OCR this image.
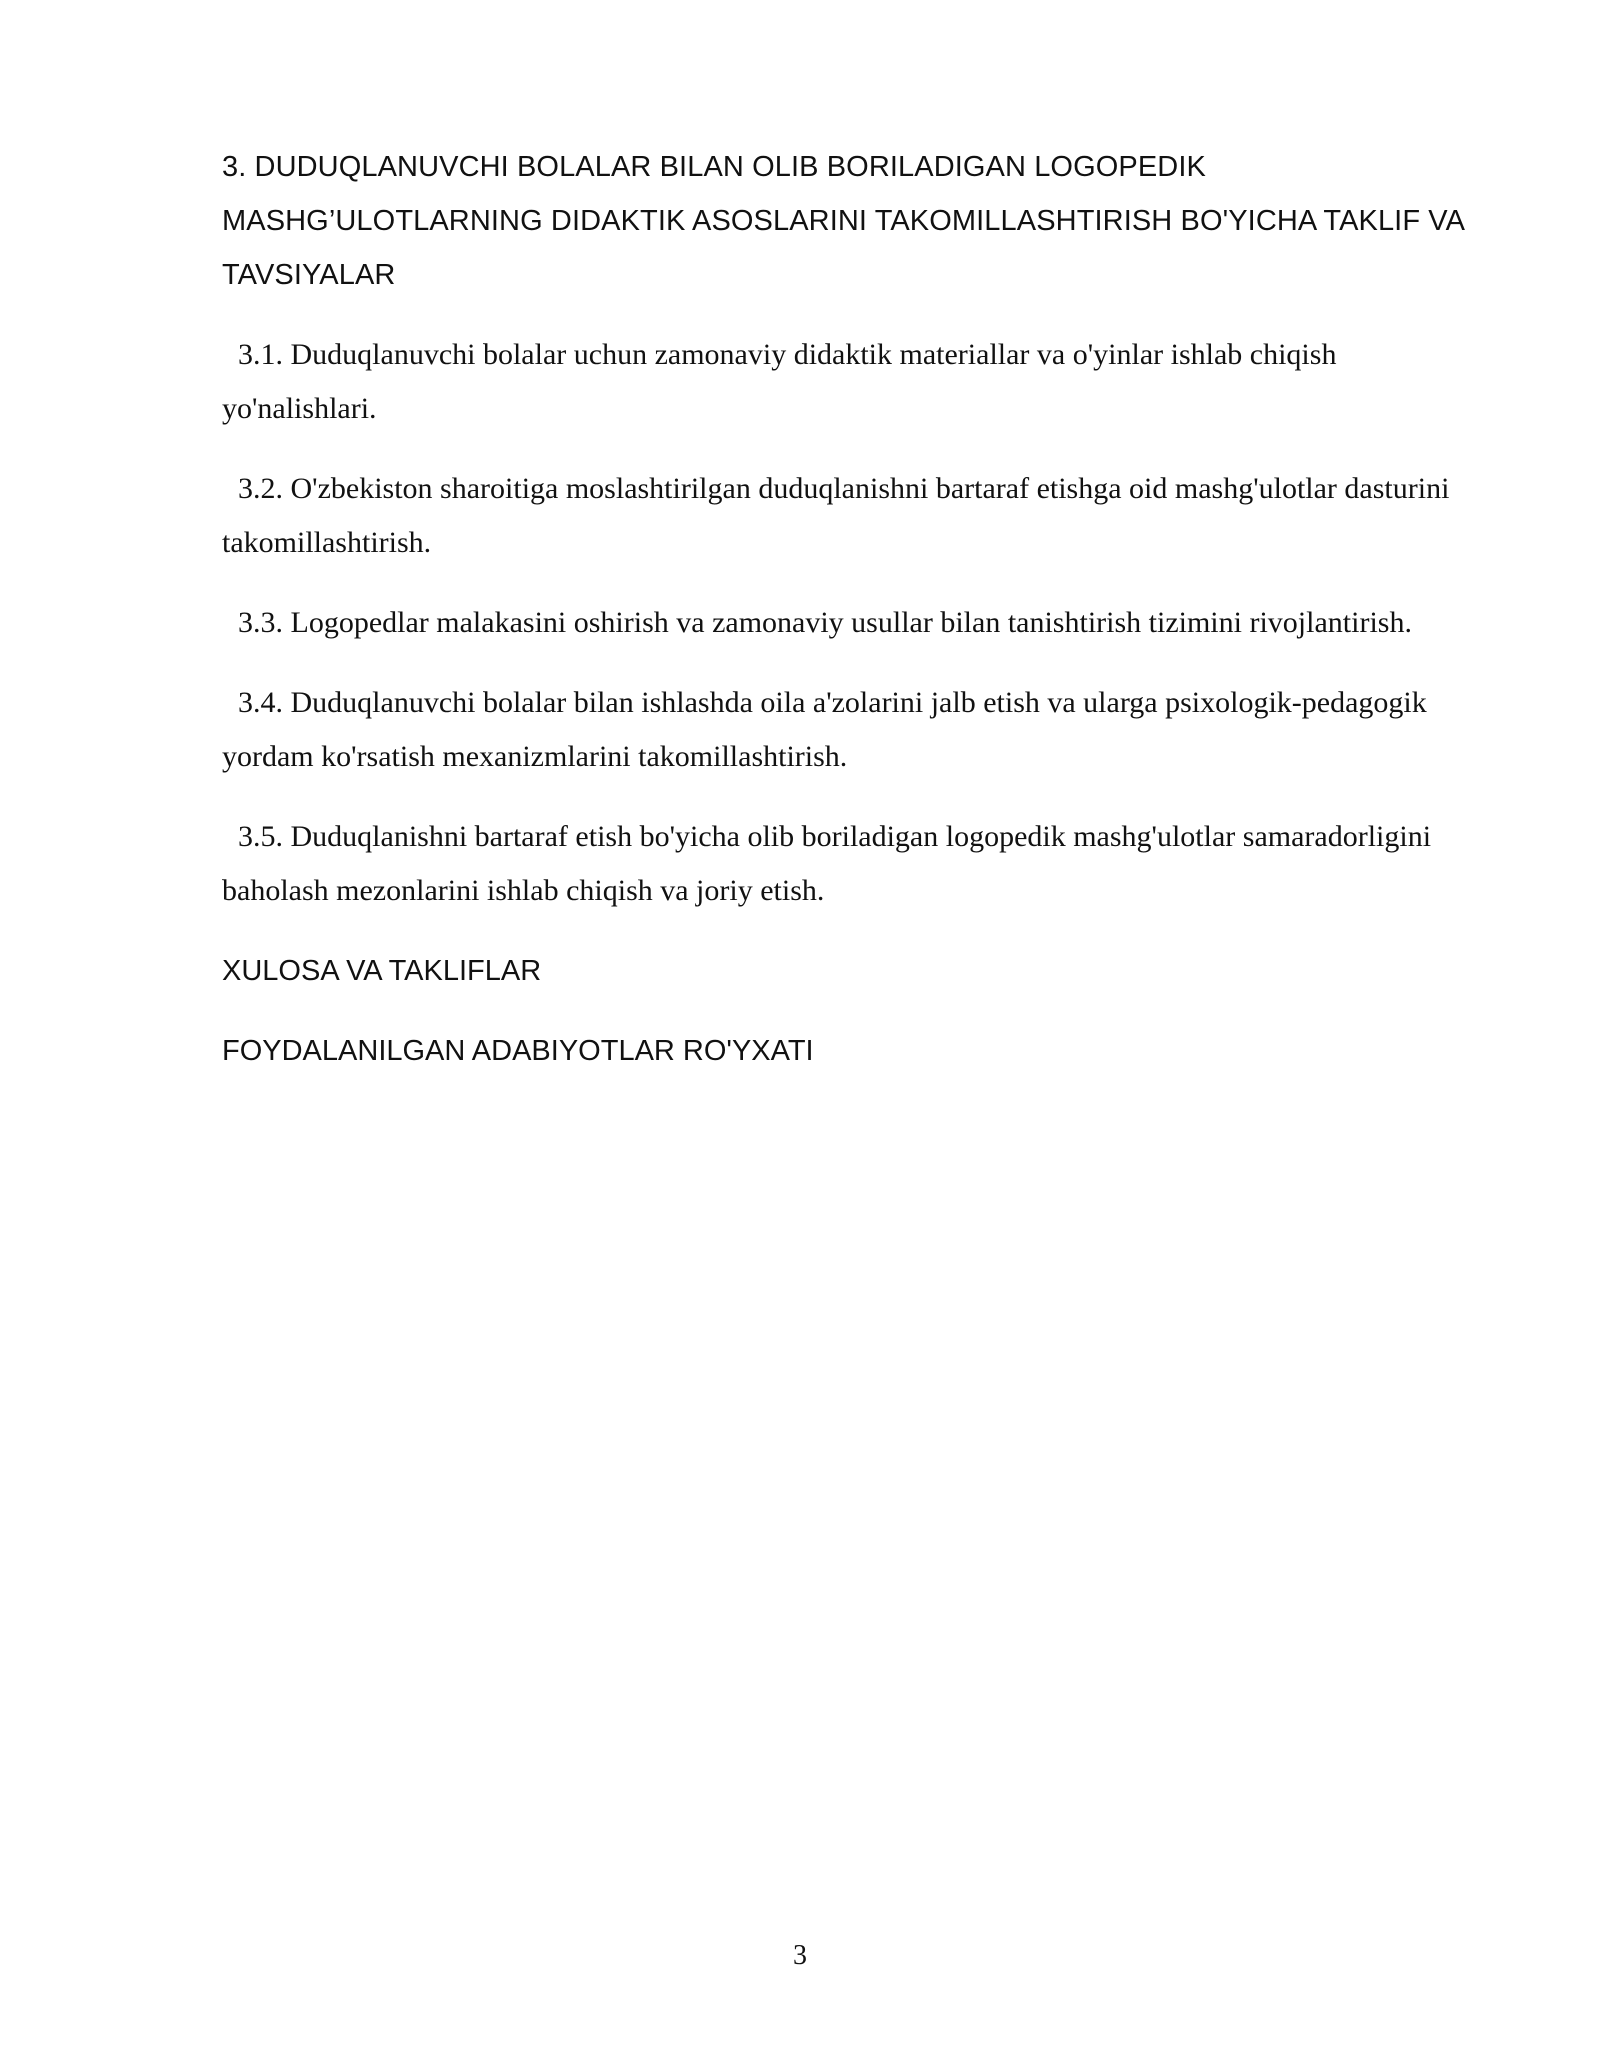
3. DUDUQLANUVCHI BOLALAR BILAN OLIB BORILADIGAN LOGOPEDIK MASHG’ULOTLARNING DIDAKTIK ASOSLARINI TAKOMILLASHTIRISH BO'YICHA TAKLIF VA TAVSIYALAR

3.1. Duduqlanuvchi bolalar uchun zamonaviy didaktik materiallar va o'yinlar ishlab chiqish yo'nalishlari.

3.2. O'zbekiston sharoitiga moslashtirilgan duduqlanishni bartaraf etishga oid mashg'ulotlar dasturini takomillashtirish.

3.3. Logopedlar malakasini oshirish va zamonaviy usullar bilan tanishtirish tizimini rivojlantirish.

3.4. Duduqlanuvchi bolalar bilan ishlashda oila a'zolarini jalb etish va ularga psixologik-pedagogik yordam ko'rsatish mexanizmlarini takomillashtirish.

3.5. Duduqlanishni bartaraf etish bo'yicha olib boriladigan logopedik mashg'ulotlar samaradorligini baholash mezonlarini ishlab chiqish va joriy etish.

XULOSA VA TAKLIFLAR

FOYDALANILGAN ADABIYOTLAR RO'YXATI

3
